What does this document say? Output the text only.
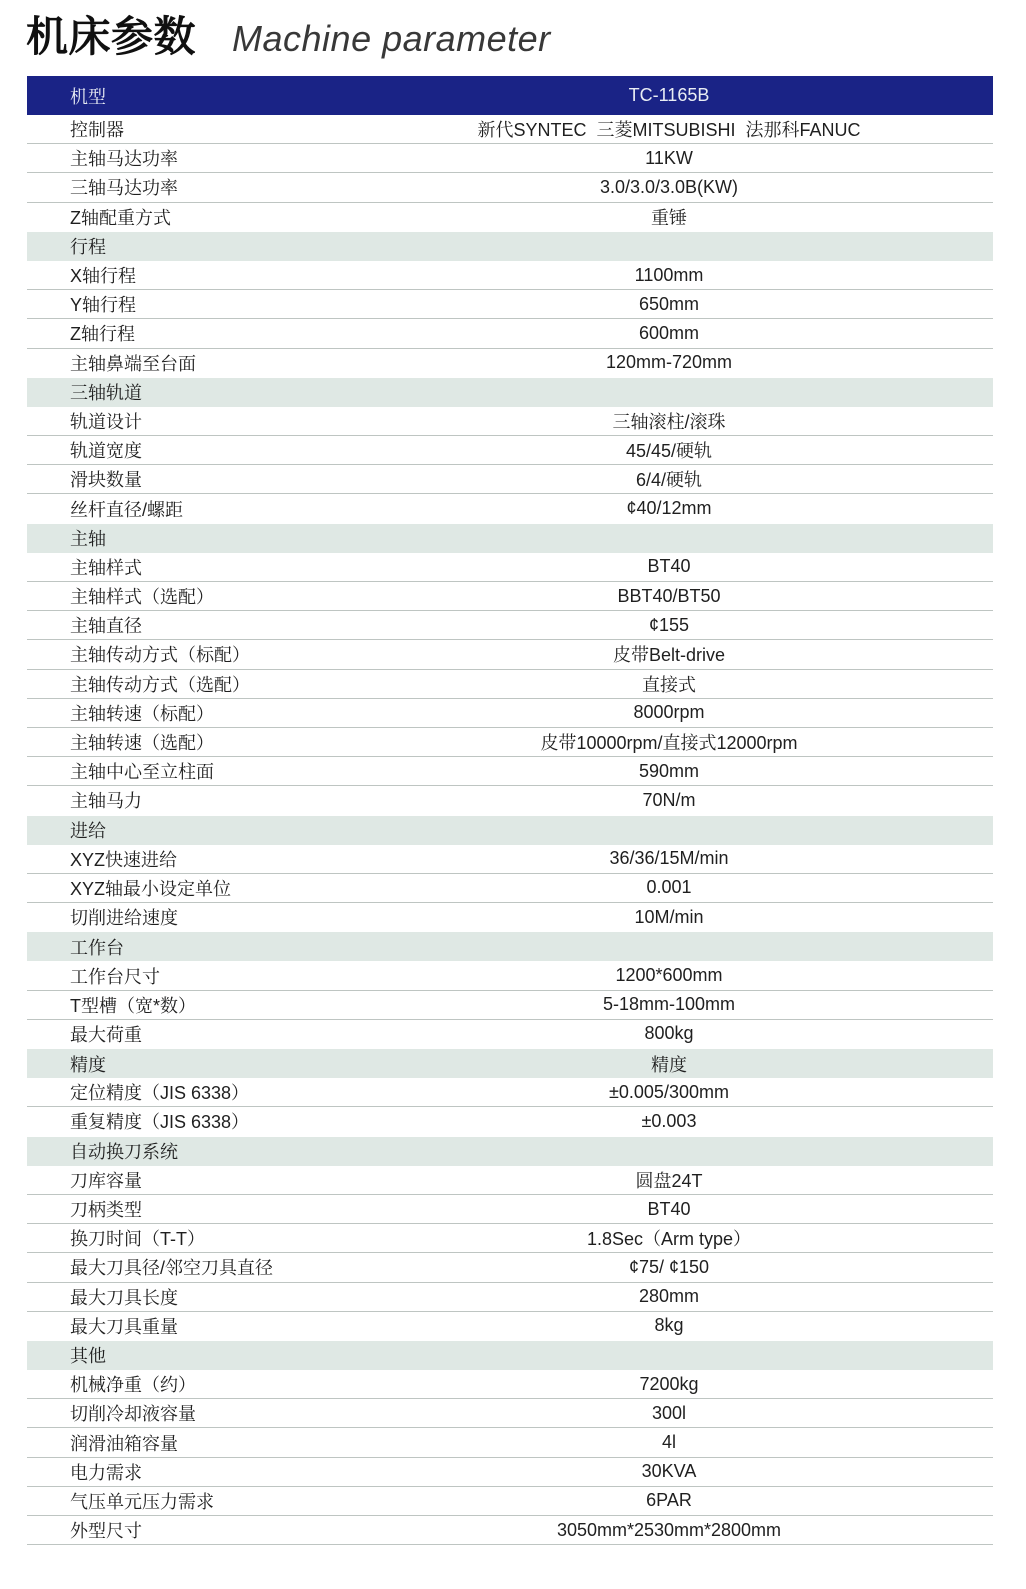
机床参数 Machine parameter
机型	TC-1165B
控制器	新代SYNTEC  三菱MITSUBISHI  法那科FANUC
主轴马达功率	11KW
三轴马达功率	3.0/3.0/3.0B(KW)
Z轴配重方式	重锤
行程
X轴行程	1100mm
Y轴行程	650mm
Z轴行程	600mm
主轴鼻端至台面	120mm-720mm
三轴轨道
轨道设计	三轴滚柱/滚珠
轨道宽度	45/45/硬轨
滑块数量	6/4/硬轨
丝杆直径/螺距	¢40/12mm
主轴
主轴样式	BT40
主轴样式（选配）	BBT40/BT50
主轴直径	¢155
主轴传动方式（标配）	皮带Belt-drive
主轴传动方式（选配）	直接式
主轴转速（标配）	8000rpm
主轴转速（选配）	皮带10000rpm/直接式12000rpm
主轴中心至立柱面	590mm
主轴马力	70N/m
进给
XYZ快速进给	36/36/15M/min
XYZ轴最小设定单位	0.001
切削进给速度	10M/min
工作台
工作台尺寸	1200*600mm
T型槽（宽*数）	5-18mm-100mm
最大荷重	800kg
精度	精度
定位精度（JIS 6338）	±0.005/300mm
重复精度（JIS 6338）	±0.003
自动换刀系统
刀库容量	圆盘24T
刀柄类型	BT40
换刀时间（T-T）	1.8Sec（Arm type）
最大刀具径/邻空刀具直径	¢75/ ¢150
最大刀具长度	280mm
最大刀具重量	8kg
其他
机械净重（约）	7200kg
切削冷却液容量	300l
润滑油箱容量	4l
电力需求	30KVA
气压单元压力需求	6PAR
外型尺寸	3050mm*2530mm*2800mm
